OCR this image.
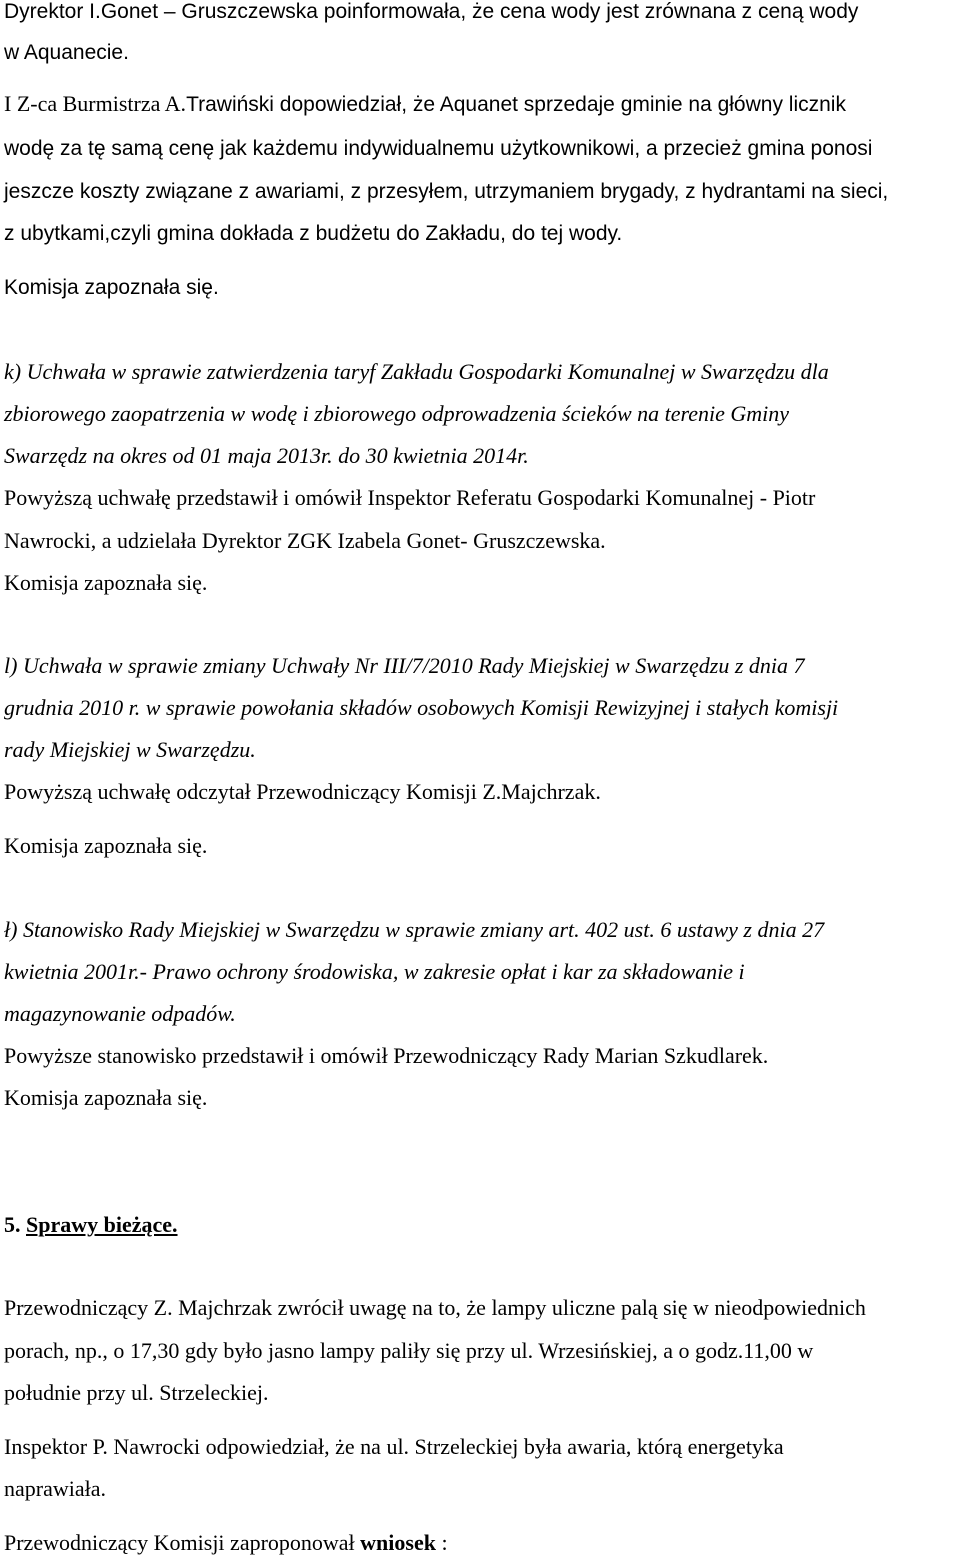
Dyrektor I.Gonet – Gruszczewska poinformowała, że cena wody jest zrównana z ceną wody
w Aquanecie.
I Z-ca Burmistrza A.Trawiński dopowiedział, że Aquanet sprzedaje gminie na główny licznik
wodę za tę samą cenę jak każdemu indywidualnemu użytkownikowi, a przecież gmina ponosi
jeszcze koszty związane z awariami, z przesyłem, utrzymaniem brygady, z hydrantami na sieci,
z ubytkami,czyli gmina dokłada z budżetu do Zakładu, do tej wody.
Komisja zapoznała się.
k) Uchwała w sprawie zatwierdzenia taryf Zakładu Gospodarki Komunalnej w Swarzędzu dla
zbiorowego zaopatrzenia w wodę i zbiorowego odprowadzenia ścieków na terenie Gminy
Swarzędz na okres od 01 maja 2013r. do 30 kwietnia 2014r.
Powyższą uchwałę przedstawił i omówił Inspektor Referatu Gospodarki Komunalnej - Piotr
Nawrocki, a udzielała Dyrektor ZGK Izabela Gonet- Gruszczewska.
Komisja zapoznała się.
l) Uchwała w sprawie zmiany Uchwały Nr III/7/2010 Rady Miejskiej w Swarzędzu z dnia 7
grudnia 2010 r. w sprawie powołania składów osobowych Komisji Rewizyjnej i stałych komisji
rady Miejskiej w Swarzędzu.
Powyższą uchwałę odczytał Przewodniczący Komisji Z.Majchrzak.
Komisja zapoznała się.
ł) Stanowisko Rady Miejskiej w Swarzędzu w sprawie zmiany art. 402 ust. 6 ustawy z dnia 27
kwietnia 2001r.- Prawo ochrony środowiska, w zakresie opłat i kar za składowanie i
magazynowanie odpadów.
Powyższe stanowisko przedstawił i omówił Przewodniczący Rady Marian Szkudlarek.
Komisja zapoznała się.
5. Sprawy bieżące.
Przewodniczący Z. Majchrzak zwrócił uwagę na to, że lampy uliczne palą się w nieodpowiednich
porach, np., o 17,30 gdy było jasno lampy paliły się przy ul. Wrzesińskiej, a o godz.11,00 w
południe przy ul. Strzeleckiej.
Inspektor P. Nawrocki odpowiedział, że na ul. Strzeleckiej była awaria, którą energetyka
naprawiała.
Przewodniczący Komisji zaproponował wniosek :
